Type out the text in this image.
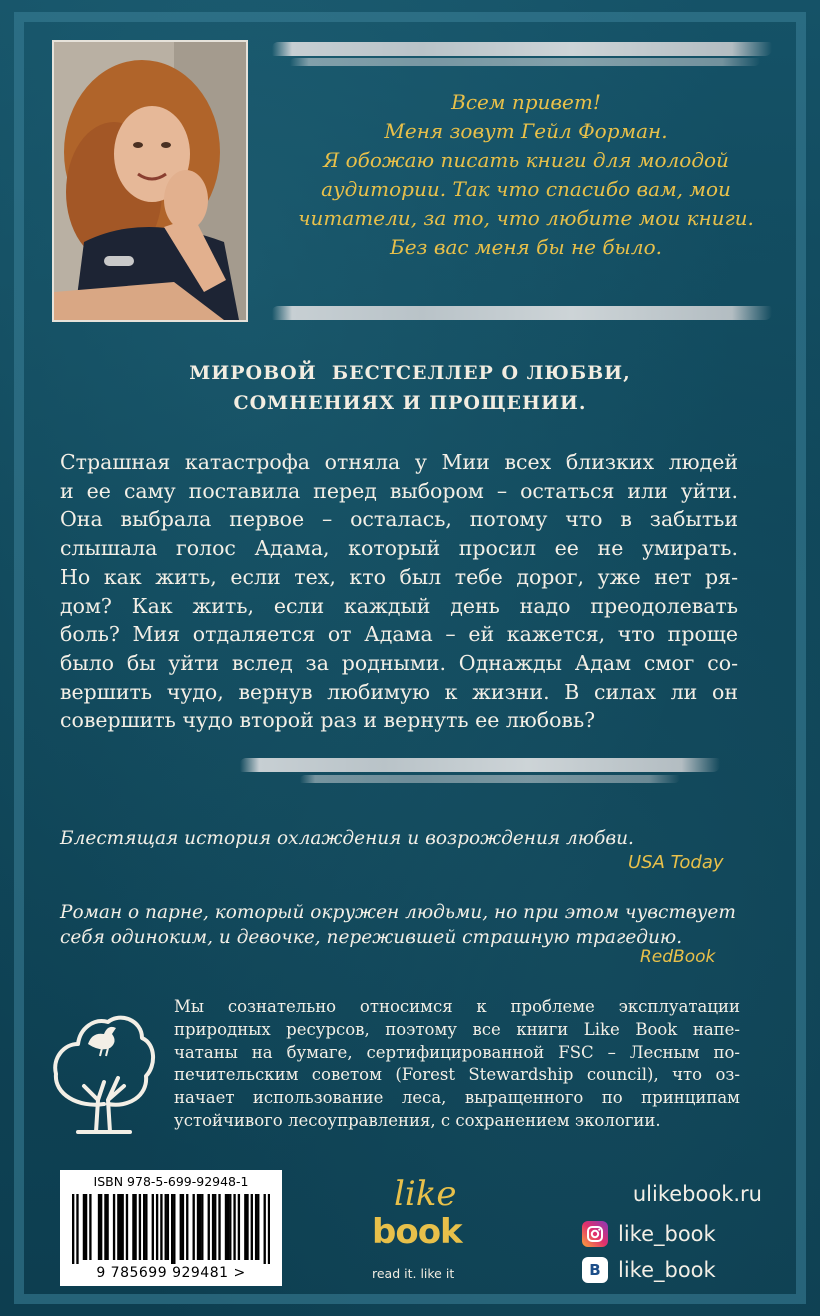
Всем привет!
Меня зовут Гейл Форман.
Я обожаю писать книги для молодой
аудитории. Так что спасибо вам, мои
читатели, за то, что любите мои книги.
Без вас меня бы не было.
МИРОВОЙ  БЕСТСЕЛЛЕР О ЛЮБВИ,
СОМНЕНИЯХ И ПРОЩЕНИИ.
Страшная катастрофа отняла у Мии всех близких людей
и ее саму поставила перед выбором – остаться или уйти.
Она выбрала первое – осталась, потому что в забытьи
слышала голос Адама, который просил ее не умирать.
Но как жить, если тех, кто был тебе дорог, уже нет ря-
дом? Как жить, если каждый день надо преодолевать
боль? Мия отдаляется от Адама – ей кажется, что проще
было бы уйти вслед за родными. Однажды Адам смог со-
вершить чудо, вернув любимую к жизни. В силах ли он
совершить чудо второй раз и вернуть ее любовь?
Блестящая история охлаждения и возрождения любви.
USA Today
Роман о парне, который окружен людьми, но при этом чувствует
себя одиноким, и девочке, пережившей страшную трагедию.
RedBook
Мы сознательно относимся к проблеме эксплуатации
природных ресурсов, поэтому все книги Like Book напе-
чатаны на бумаге, сертифицированной FSC – Лесным по-
печительским советом (Forest Stewardship council), что оз-
начает использование леса, выращенного по принципам
устойчивого лесоуправления, с сохранением экологии.
ISBN 978-5-699-92948-1
9 785699 929481 >
like
book
read it. like it
ulikebook.ru
like_book
B like_book
